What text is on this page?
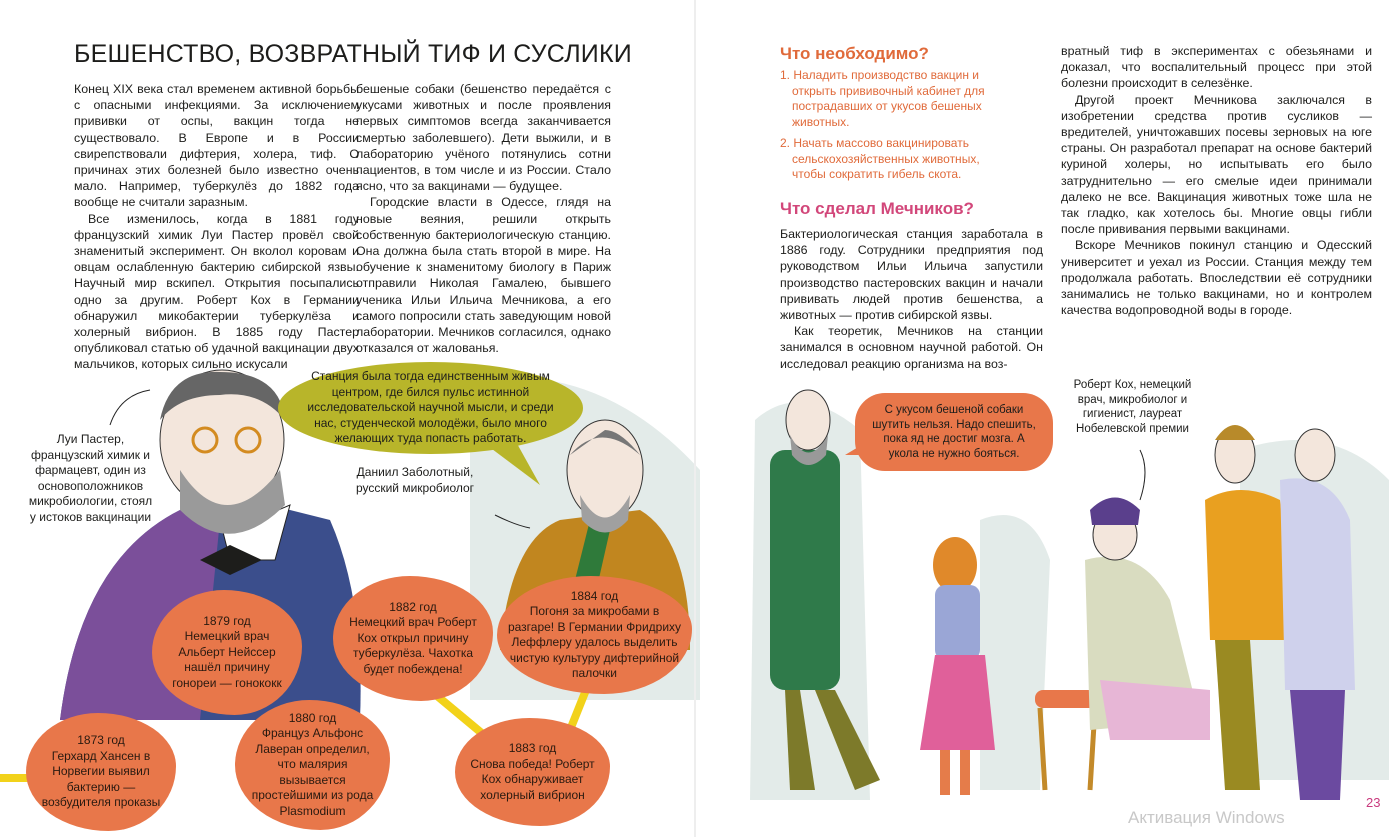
БЕШЕНСТВО, ВОЗВРАТНЫЙ ТИФ И СУСЛИКИ

Конец XIX века стал временем активной борьбы с опасными инфекциями. За исключением прививки от оспы, вакцин тогда не существовало. В Европе и в России свирепствовали дифтерия, холера, тиф. О причинах этих болезней было известно очень мало. Например, туберкулёз до 1882 года вообще не считали заразным.

Все изменилось, когда в 1881 году французский химик Луи Пастер провёл свой знаменитый эксперимент. Он вколол коровам и овцам ослабленную бактерию сибирской язвы. Научный мир вскипел. Открытия посыпались одно за другим. Роберт Кох в Германии обнаружил микобактерии туберкулёза и холерный вибрион. В 1885 году Пастер опубликовал статью об удачной вакцинации двух мальчиков, которых сильно искусали

бешеные собаки (бешенство передаётся с укусами животных и после проявления первых симптомов всегда заканчивается смертью заболевшего). Дети выжили, и в лабораторию учёного потянулись сотни пациентов, в том числе и из России. Стало ясно, что за вакцинами — будущее.

Городские власти в Одессе, глядя на новые веяния, решили открыть собственную бактериологическую станцию. Она должна была стать второй в мире. На обучение к знаменитому биологу в Париж отправили Николая Гамалею, бывшего ученика Ильи Ильича Мечникова, а его самого попросили стать заведующим новой лаборатории. Мечников согласился, однако отказался от жалованья.

Станция была тогда единственным живым центром, где бился пульс истинной исследовательской научной мысли, и среди нас, студенческой молодёжи, было много желающих туда попасть работать.
Луи Пастер, французский химик и фармацевт, один из основоположников микробиологии, стоял у истоков вакцинации
Даниил Заболотный, русский микробиолог
1873 год
Герхард Хансен в Норвегии выявил бактерию — возбудителя проказы
1879 год
Немецкий врач Альберт Нейссер нашёл причину гонореи — гонококк
1880 год
Француз Альфонс Лаверан определил, что малярия вызывается простейшими из рода Plasmodium
1882 год
Немецкий врач Роберт Кох открыл причину туберкулёза. Чахотка будет побеждена!
1883 год
Снова победа! Роберт Кох обнаруживает холерный вибрион
1884 год
Погоня за микробами в разгаре! В Германии Фридриху Леффлеру удалось выделить чистую культуру дифтерийной палочки
Что необходимо?
1. Наладить производство вакцин и открыть прививочный кабинет для пострадавших от укусов бешеных животных.
2. Начать массово вакцинировать сельскохозяйственных животных, чтобы сократить гибель скота.
Что сделал Мечников?

Бактериологическая станция заработала в 1886 году. Сотрудники предприятия под руководством Ильи Ильича запустили производство пастеровских вакцин и начали прививать людей против бешенства, а животных — против сибирской язвы.

Как теоретик, Мечников на станции занимался в основном научной работой. Он исследовал реакцию организма на воз-

вратный тиф в экспериментах с обезьянами и доказал, что воспалительный процесс при этой болезни происходит в селезёнке.

Другой проект Мечникова заключался в изобретении средства против сусликов — вредителей, уничтожавших посевы зерновых на юге страны. Он разработал препарат на основе бактерий куриной холеры, но испытывать его было затруднительно — его смелые идеи принимали далеко не все. Вакцинация животных тоже шла не так гладко, как хотелось бы. Многие овцы гибли после прививания первыми вакцинами.

Вскоре Мечников покинул станцию и Одесский университет и уехал из России. Станция между тем продолжала работать. Впоследствии её сотрудники занимались не только вакцинами, но и контролем качества водопроводной воды в городе.

С укусом бешеной собаки шутить нельзя. Надо спешить, пока яд не достиг мозга. А укола не нужно бояться.
Роберт Кох, немецкий врач, микробиолог и гигиенист, лауреат Нобелевской премии
23
Активация Windows
